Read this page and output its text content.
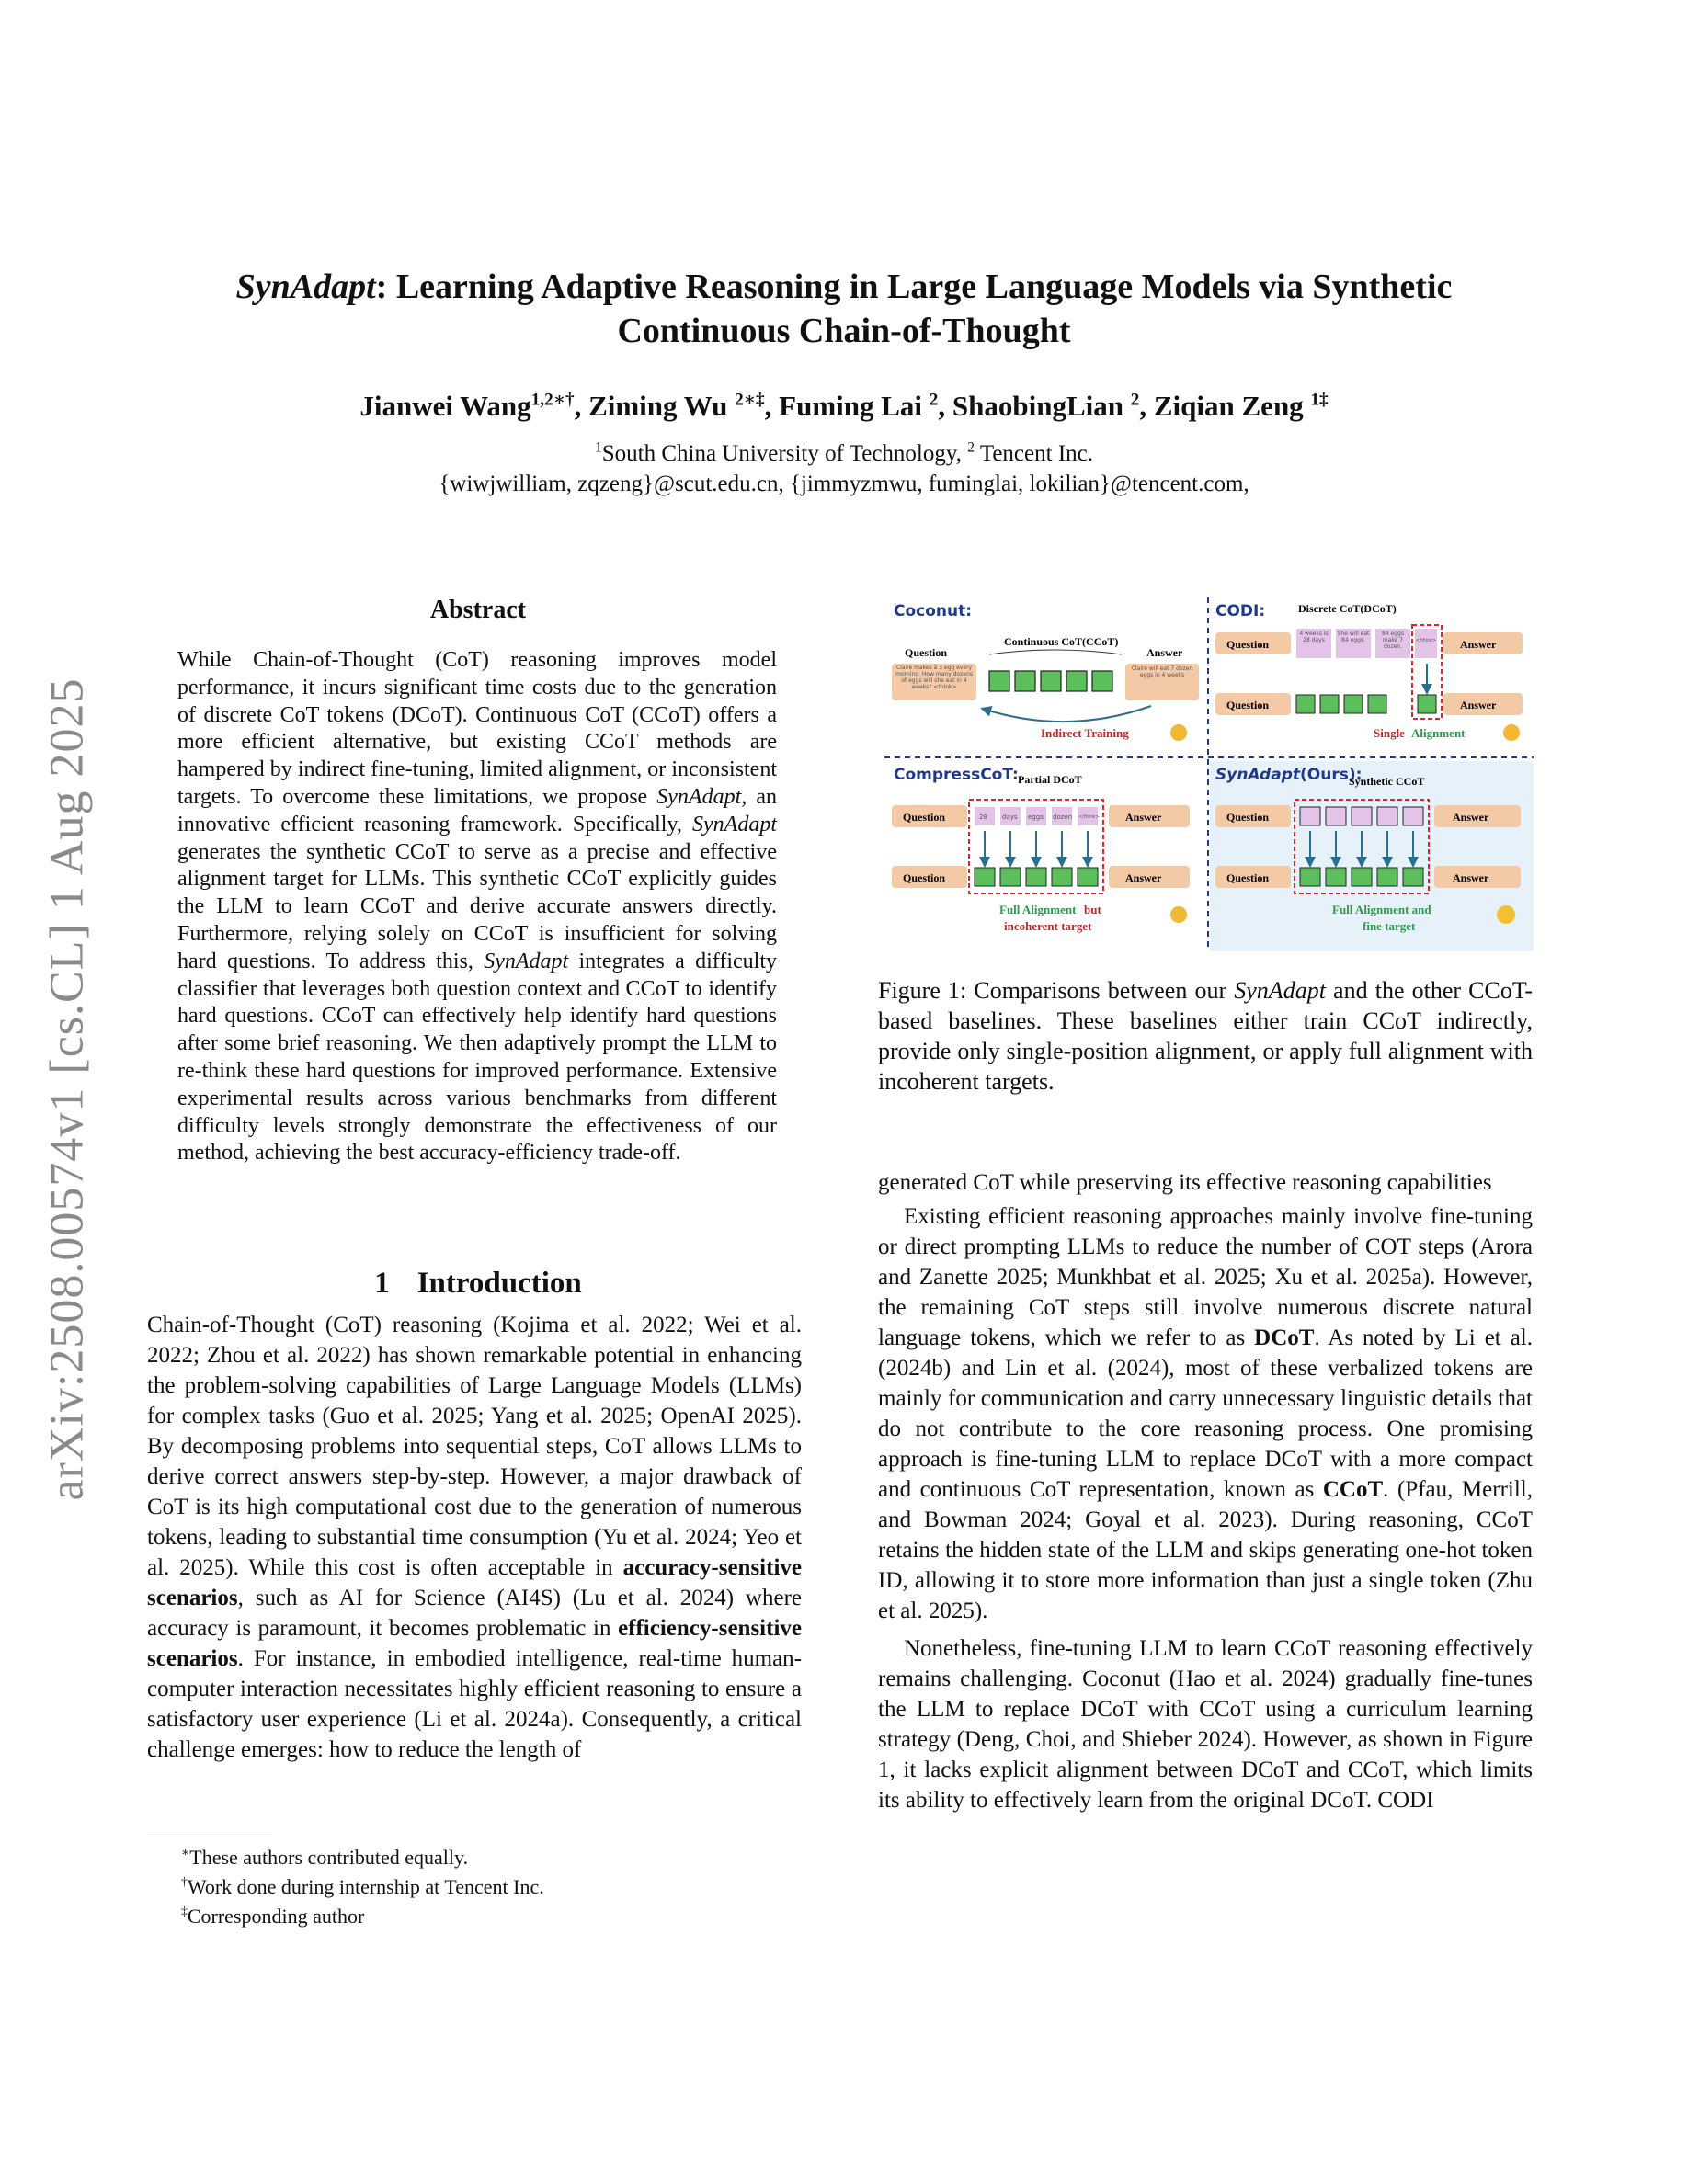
arXiv:2508.00574v1 [cs.CL] 1 Aug 2025
SynAdapt: Learning Adaptive Reasoning in Large Language Models via Synthetic
Continuous Chain-of-Thought
Jianwei Wang$^{1,2∗\dagger}$, Ziming Wu $^{2∗\ddagger}$, Fuming Lai $^2$, ShaobingLian $^2$, Ziqian Zeng $^{1\ddagger}$
$^1$South China University of Technology, $^2$ Tencent Inc.
{wiwjwilliam, zqzeng}@scut.edu.cn, {jimmyzmwu, fuminglai, lokilian}@tencent.com,
Abstract
While Chain-of-Thought (CoT) reasoning improves model performance, it incurs significant time costs due to the generation of discrete CoT tokens (DCoT). Continuous CoT (CCoT) offers a more efficient alternative, but existing CCoT methods are hampered by indirect fine-tuning, limited alignment, or inconsistent targets. To overcome these limitations, we propose SynAdapt, an innovative efficient reasoning framework. Specifically, SynAdapt generates the synthetic CCoT to serve as a precise and effective alignment target for LLMs. This synthetic CCoT explicitly guides the LLM to learn CCoT and derive accurate answers directly. Furthermore, relying solely on CCoT is insufficient for solving hard questions. To address this, SynAdapt integrates a difficulty classifier that leverages both question context and CCoT to identify hard questions. CCoT can effectively help identify hard questions after some brief reasoning. We then adaptively prompt the LLM to re-think these hard questions for improved performance. Extensive experimental results across various benchmarks from different difficulty levels strongly demonstrate the effectiveness of our method, achieving the best accuracy-efficiency trade-off.
1 Introduction

Chain-of-Thought (CoT) reasoning (Kojima et al. 2022; Wei et al. 2022; Zhou et al. 2022) has shown remarkable potential in enhancing the problem-solving capabilities of Large Language Models (LLMs) for complex tasks (Guo et al. 2025; Yang et al. 2025; OpenAI 2025). By decomposing problems into sequential steps, CoT allows LLMs to derive correct answers step-by-step. However, a major drawback of CoT is its high computational cost due to the generation of numerous tokens, leading to substantial time consumption (Yu et al. 2024; Yeo et al. 2025). While this cost is often acceptable in accuracy-sensitive scenarios, such as AI for Science (AI4S) (Lu et al. 2024) where accuracy is paramount, it becomes problematic in efficiency-sensitive scenarios. For instance, in embodied intelligence, real-time human-computer interaction necessitates highly efficient reasoning to ensure a satisfactory user experience (Li et al. 2024a). Consequently, a critical challenge emerges: how to reduce the length of

∗These authors contributed equally.
†Work done during internship at Tencent Inc.
‡Corresponding author
Coconut:
Continuous CoT(CCoT)
Question	Answer
Claire makes a 3 egg every morning. How many dozens of eggs will she eat in 4 weeks? <think>
Claire will eat 7 dozen eggs in 4 weeks
Indirect Training
CODI:	Discrete CoT(DCoT)
Question
4 weeks is 28 days
She will eat 84 eggs.
84 eggs make 7 dozen.
</think> Answer
Question	Answer
Single Alignment
CompressCoT: Partial DCoT
Question	28 days eggs dozen </think> Answer
Question	Answer
Full Alignment but
incoherent target
SynAdapt(Ours):
Synthetic CCoT
Question	Answer
Question	Answer
Full Alignment and
fine target
Figure 1: Comparisons between our SynAdapt and the other CCoT-based baselines. These baselines either train CCoT indirectly, provide only single-position alignment, or apply full alignment with incoherent targets.

generated CoT while preserving its effective reasoning capabilities

Existing efficient reasoning approaches mainly involve fine-tuning or direct prompting LLMs to reduce the number of COT steps (Arora and Zanette 2025; Munkhbat et al. 2025; Xu et al. 2025a). However, the remaining CoT steps still involve numerous discrete natural language tokens, which we refer to as DCoT. As noted by Li et al. (2024b) and Lin et al. (2024), most of these verbalized tokens are mainly for communication and carry unnecessary linguistic details that do not contribute to the core reasoning process. One promising approach is fine-tuning LLM to replace DCoT with a more compact and continuous CoT representation, known as CCoT. (Pfau, Merrill, and Bowman 2024; Goyal et al. 2023). During reasoning, CCoT retains the hidden state of the LLM and skips generating one-hot token ID, allowing it to store more information than just a single token (Zhu et al. 2025).

Nonetheless, fine-tuning LLM to learn CCoT reasoning effectively remains challenging. Coconut (Hao et al. 2024) gradually fine-tunes the LLM to replace DCoT with CCoT using a curriculum learning strategy (Deng, Choi, and Shieber 2024). However, as shown in Figure 1, it lacks explicit alignment between DCoT and CCoT, which limits its ability to effectively learn from the original DCoT. CODI
